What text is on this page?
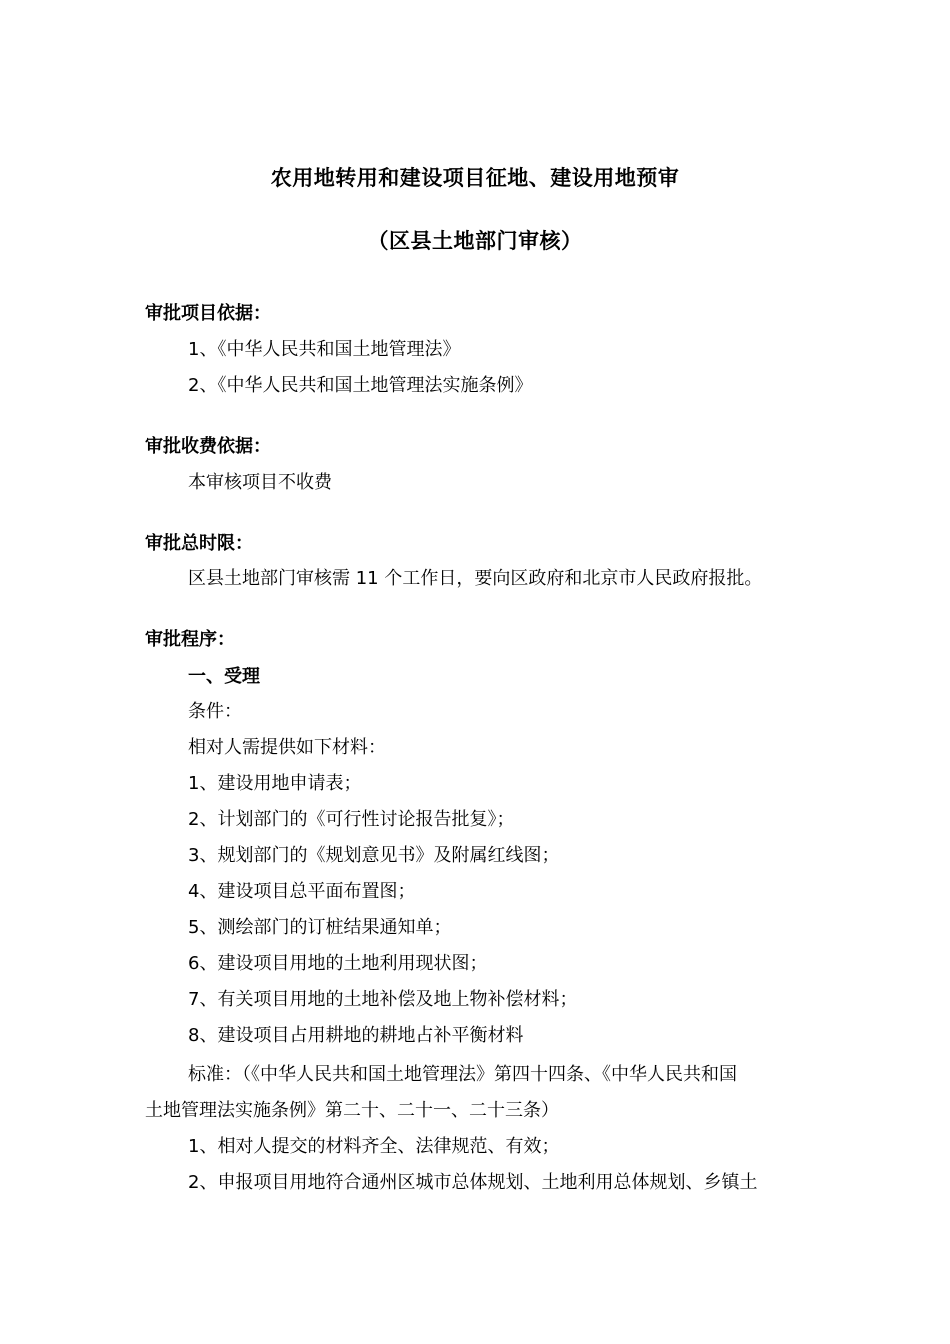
农用地转用和建设项目征地、建设用地预审
（区县土地部门审核）
审批项目依据：
1、《中华人民共和国土地管理法》
2、《中华人民共和国土地管理法实施条例》
审批收费依据：
本审核项目不收费
审批总时限：
区县土地部门审核需 11 个工作日，要向区政府和北京市人民政府报批。
审批程序：
一、受理
条件：
相对人需提供如下材料：
1、建设用地申请表；
2、计划部门的《可行性讨论报告批复》；
3、规划部门的《规划意见书》及附属红线图；
4、建设项目总平面布置图；
5、测绘部门的订桩结果通知单；
6、建设项目用地的土地利用现状图；
7、有关项目用地的土地补偿及地上物补偿材料；
8、建设项目占用耕地的耕地占补平衡材料
标准：（《中华人民共和国土地管理法》第四十四条、《中华人民共和国
土地管理法实施条例》第二十、二十一、二十三条）
1、相对人提交的材料齐全、法律规范、有效；
2、申报项目用地符合通州区城市总体规划、土地利用总体规划、乡镇土
